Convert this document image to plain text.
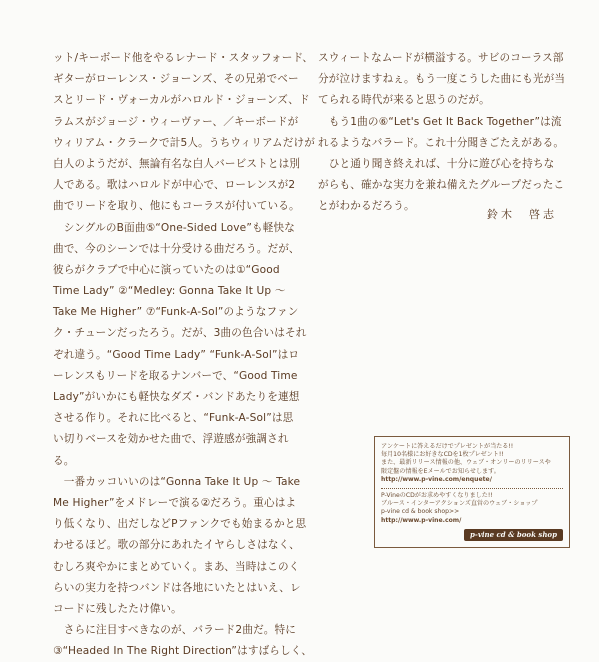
ット/キーボード他をやるレナード・スタッフォード、
ギターがローレンス・ジョーンズ、その兄弟でベー
スとリード・ヴォーカルがハロルド・ジョーンズ、ド
ラムスがジョージ・ウィーヴァー、／キーボードが
ウィリアム・クラークで計5人。うちウィリアムだけが
白人のようだが、無論有名な白人バービストとは別
人である。歌はハロルドが中心で、ローレンスが2
曲でリードを取り、他にもコーラスが付いている。
　シングルのB面曲⑤“One-Sided Love”も軽快な
曲で、今のシーンでは十分受ける曲だろう。だが、
彼らがクラブで中心に演っていたのは①“Good
Time Lady” ②“Medley: Gonna Take It Up ～
Take Me Higher” ⑦“Funk-A-Sol”のようなファン
ク・チューンだったろう。だが、3曲の色合いはそれ
ぞれ違う。“Good Time Lady” “Funk-A-Sol”はロ
ーレンスもリードを取るナンバーで、“Good Time
Lady”がいかにも軽快なダズ・バンドあたりを連想
させる作り。それに比べると、“Funk-A-Sol”は思
い切りベースを効かせた曲で、浮遊感が強調され
る。
　一番カッコいいのは“Gonna Take It Up ～ Take
Me Higher”をメドレーで演る②だろう。重心はよ
り低くなり、出だしなどPファンクでも始まるかと思
わせるほど。歌の部分にあれたイヤらしさはなく、
むしろ爽やかにまとめていく。まあ、当時はこのく
らいの実力を持つバンドは各地にいたとはいえ、レ
コードに残したたけ偉い。
　さらに注目すべきなのが、バラード2曲だ。特に
③“Headed In The Right Direction”はすばらしく、
スウィートなムードが横溢する。サビのコーラス部
分が泣けますねぇ。もう一度こうした曲にも光が当
てられる時代が来ると思うのだが。
　もう1曲の⑥“Let's Get It Back Together”は流
れるようなバラード。これ十分聞きごたえがある。
　ひと通り聞き終えれば、十分に遊び心を持ちな
がらも、確かな実力を兼ね備えたグループだったこ
とがわかるだろう。
鈴木　啓志
アンケートに答えるだけでプレゼントが当たる!!
毎月10名様にお好きなCDを1枚プレゼント!!
また、最新リリース情報の他、ウェブ・オンリーのリリースや
限定盤の情報をEメールでお知らせします。
http://www.p-vine.com/enquete/
P-VineのCDがお求めやすくなりました!!
ブルース・インターアクションズ直営のウェブ・ショップ
p-vine cd & book shop>>
http://www.p-vine.com/
p-vine cd & book shop
